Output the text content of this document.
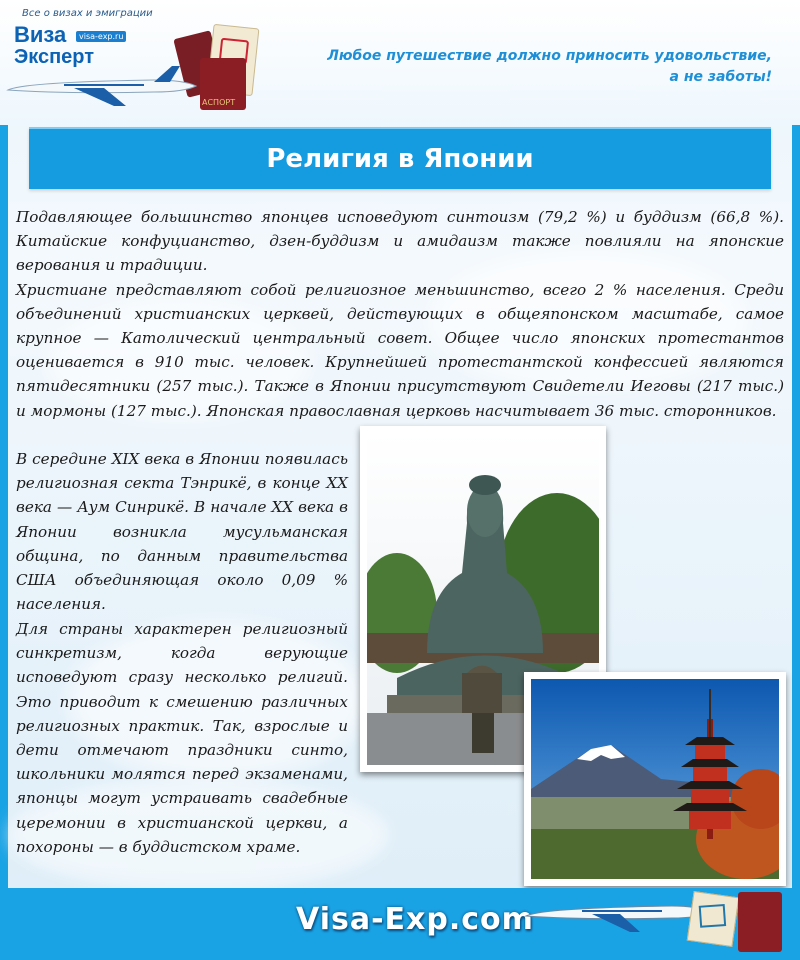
Все о визах и эмиграции
Виза	visa-exp.ru
Эксперт
АСПОРТ
Любое путешествие должно приносить удовольствие,
а не заботы!
Религия в Японии
Подавляющее большинство японцев исповедуют синтоизм (79,2 %) и буддизм (66,8 %). Китайские конфуцианство, дзен-буддизм и амидаизм также повлияли на японские верования и традиции.
Христиане представляют собой религиозное меньшинство, всего 2 % населения. Среди объединений христианских церквей, действующих в общеяпонском масштабе, самое крупное — Католический центральный совет. Общее число японских протестантов оценивается в 910 тыс. человек. Крупнейшей протестантской конфессией являются пятидесятники (257 тыс.). Также в Японии присутствуют Свидетели Иеговы (217 тыс.) и мормоны (127 тыс.). Японская православная церковь насчитывает 36 тыс. сторонников.
В середине XIX века в Японии появилась религиозная секта Тэнрикё, в конце XX века — Аум Синрикё. В начале XX века в Японии возникла мусульманская община, по данным правительства США объединяющая около 0,09 % населения.
Для страны характерен религиозный синкретизм, когда верующие исповедуют сразу несколько религий. Это приводит к смешению различных религиозных практик. Так, взрослые и дети отмечают праздники синто, школьники молятся перед экзаменами, японцы могут устраивать свадебные церемонии в христианской церкви, а похороны — в буддистском храме.
Visa-Exp.com
